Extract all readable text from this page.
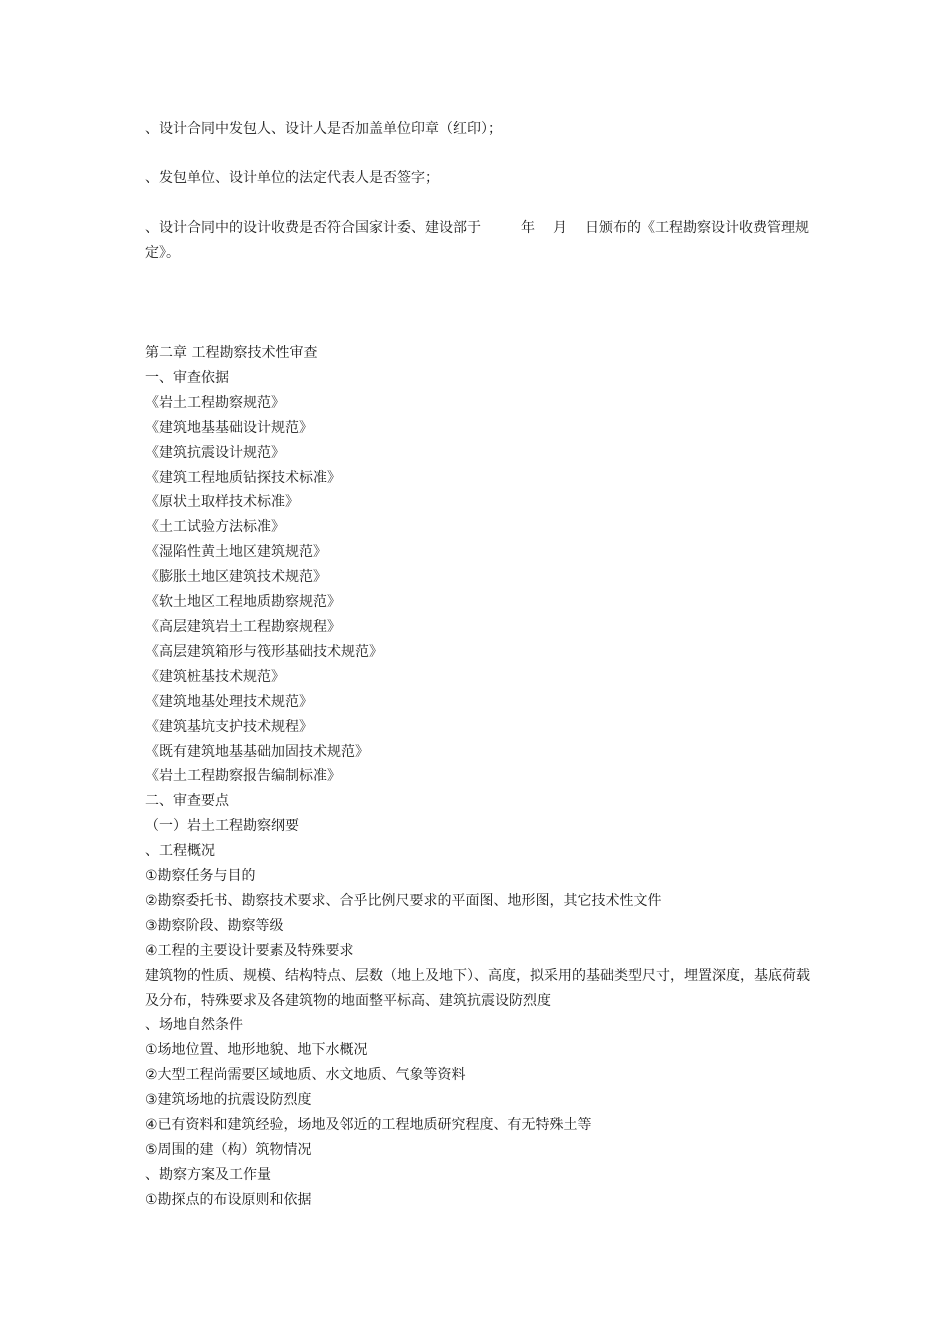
、设计合同中发包人、设计人是否加盖单位印章（红印）；

、发包单位、设计单位的法定代表人是否签字；

、设计合同中的设计收费是否符合国家计委、建设部于	年 月 日颁布的《工程勘察设计收费管理规定》。

第二章 工程勘察技术性审查

一、审查依据

《岩土工程勘察规范》

《建筑地基基础设计规范》

《建筑抗震设计规范》

《建筑工程地质钻探技术标准》

《原状土取样技术标准》

《土工试验方法标准》

《湿陷性黄土地区建筑规范》

《膨胀土地区建筑技术规范》

《软土地区工程地质勘察规范》

《高层建筑岩土工程勘察规程》

《高层建筑箱形与筏形基础技术规范》

《建筑桩基技术规范》

《建筑地基处理技术规范》

《建筑基坑支护技术规程》

《既有建筑地基基础加固技术规范》

《岩土工程勘察报告编制标准》

二、审查要点

（一）岩土工程勘察纲要

、工程概况

①勘察任务与目的

②勘察委托书、勘察技术要求、合乎比例尺要求的平面图、地形图，其它技术性文件

③勘察阶段、勘察等级

④工程的主要设计要素及特殊要求

建筑物的性质、规模、结构特点、层数（地上及地下）、高度，拟采用的基础类型尺寸，埋置深度，基底荷载及分布，特殊要求及各建筑物的地面整平标高、建筑抗震设防烈度

、场地自然条件

①场地位置、地形地貌、地下水概况

②大型工程尚需要区域地质、水文地质、气象等资料

③建筑场地的抗震设防烈度

④已有资料和建筑经验，场地及邻近的工程地质研究程度、有无特殊土等

⑤周围的建（构）筑物情况

、勘察方案及工作量

①勘探点的布设原则和依据
